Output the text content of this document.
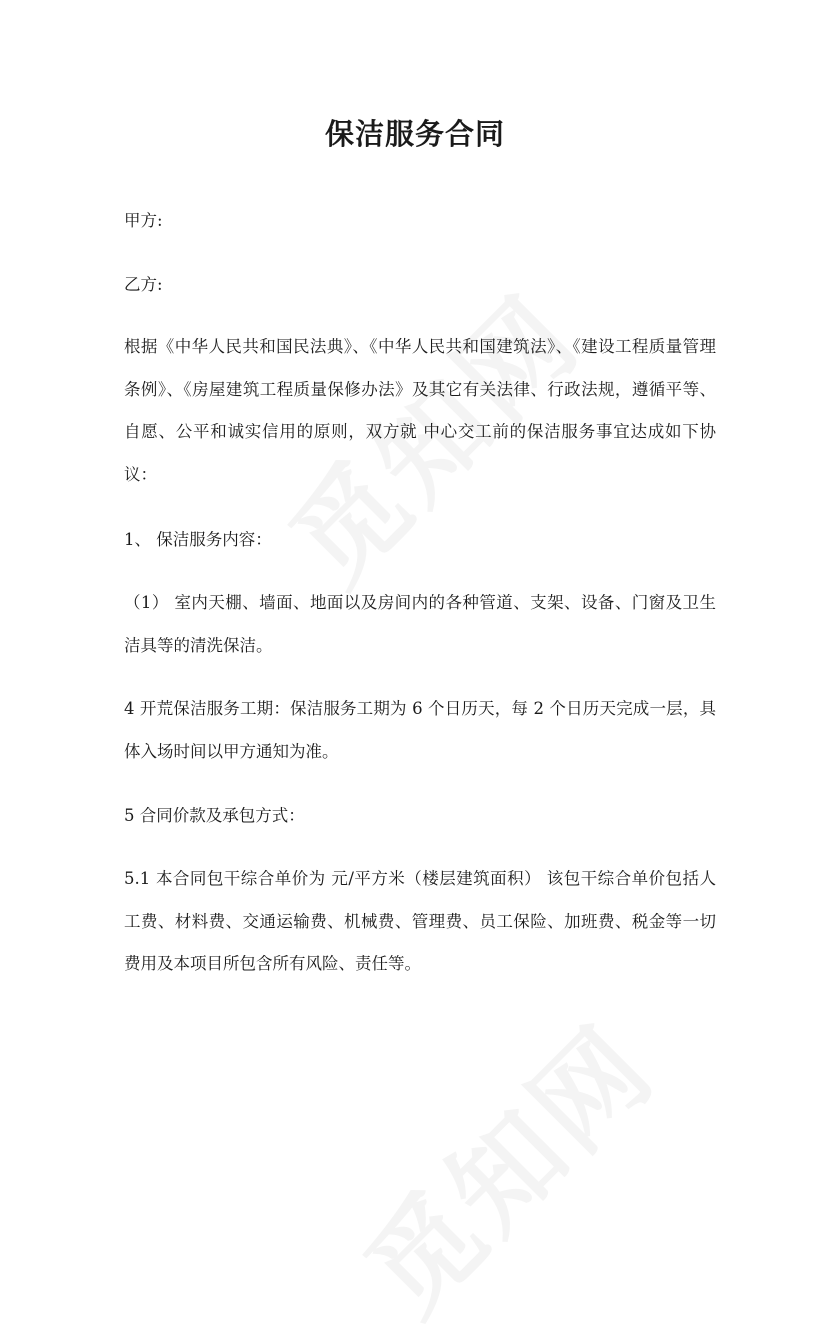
保洁服务合同

甲方:

乙方:

根据《中华人民共和国民法典》、《中华人民共和国建筑法》、《建设工程质量管理条例》、《房屋建筑工程质量保修办法》及其它有关法律、行政法规，遵循平等、自愿、公平和诚实信用的原则，双方就 中心交工前的保洁服务事宜达成如下协议：

1、 保洁服务内容：

（1） 室内天棚、墙面、地面以及房间内的各种管道、支架、设备、门窗及卫生洁具等的清洗保洁。

4 开荒保洁服务工期：保洁服务工期为 6 个日历天，每 2 个日历天完成一层，具体入场时间以甲方通知为准。

5 合同价款及承包方式：

5.1 本合同包干综合单价为 元/平方米（楼层建筑面积） 该包干综合单价包括人工费、材料费、交通运输费、机械费、管理费、员工保险、加班费、税金等一切费用及本项目所包含所有风险、责任等。
